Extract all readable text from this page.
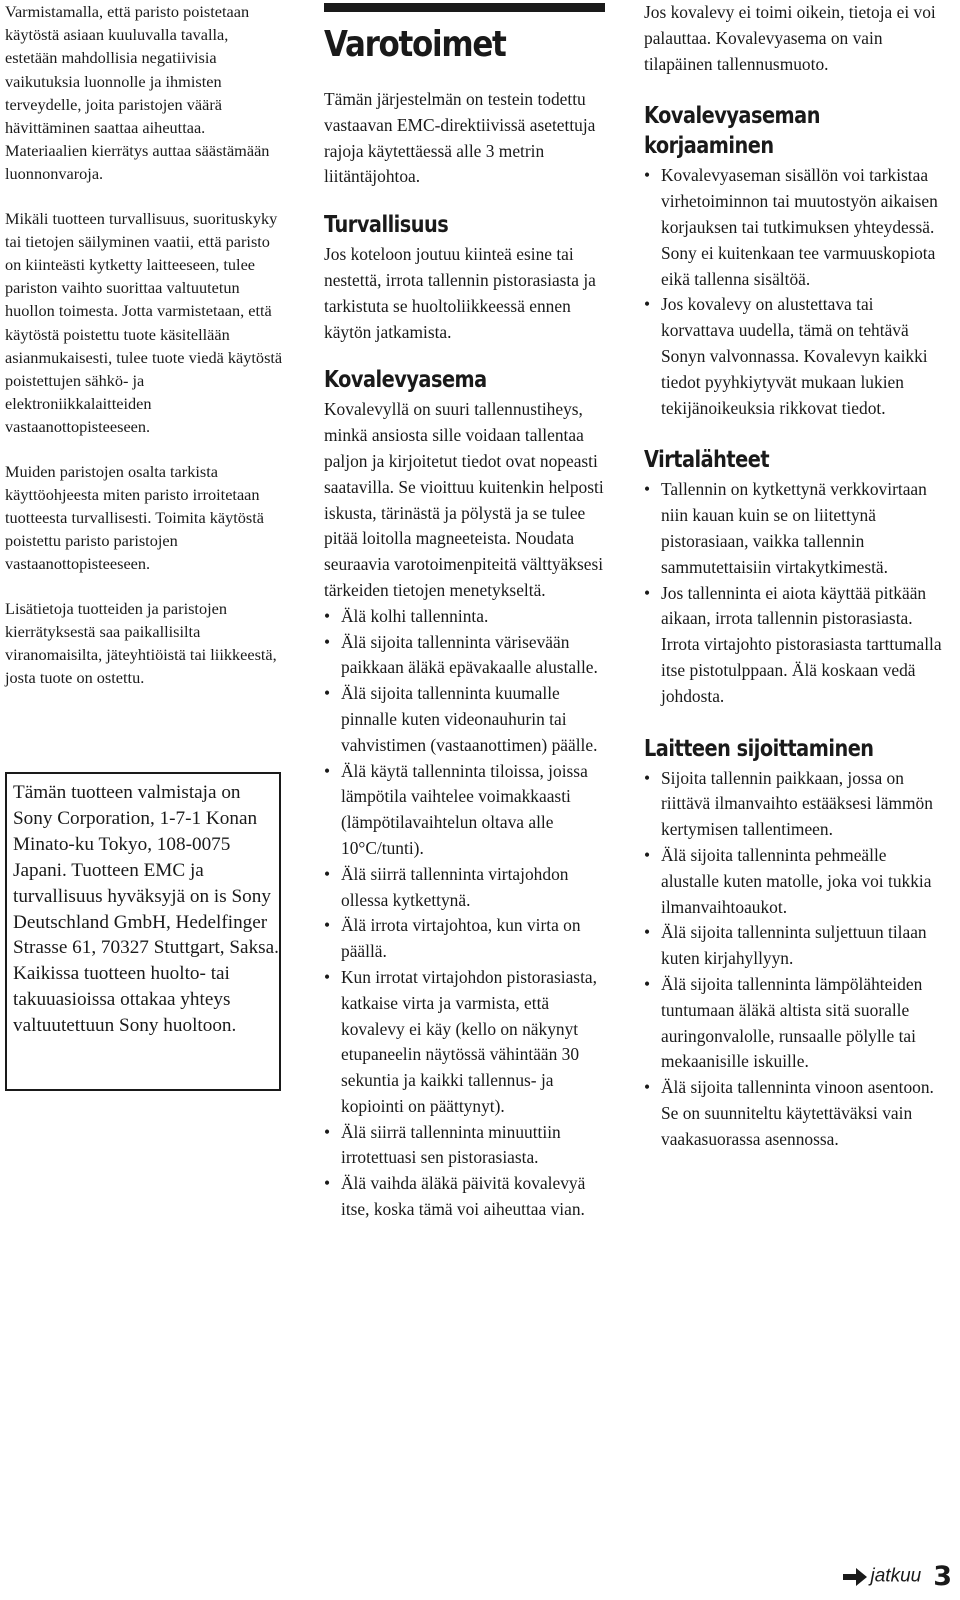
Varmistamalla, että paristo poistetaan käytöstä asiaan kuuluvalla tavalla, estetään mahdollisia negatiivisia vaikutuksia luonnolle ja ihmisten terveydelle, joita paristojen väärä hävittäminen saattaa aiheuttaa. Materiaalien kierrätys auttaa säästämään luonnonvaroja.

Mikäli tuotteen turvallisuus, suorituskyky tai tietojen säilyminen vaatii, että paristo on kiinteästi kytketty laitteeseen, tulee pariston vaihto suorittaa valtuutetun huollon toimesta. Jotta varmistetaan, että käytöstä poistettu tuote käsitellään asianmukaisesti, tulee tuote viedä käytöstä poistettujen sähkö- ja elektroniikkalaitteiden vastaanottopisteeseen.

Muiden paristojen osalta tarkista käyttöohjeesta miten paristo irroitetaan tuotteesta turvallisesti. Toimita käytöstä poistettu paristo paristojen vastaanottopisteeseen.

Lisätietoja tuotteiden ja paristojen kierrätyksestä saa paikallisilta viranomaisilta, jäteyhtiöistä tai liikkeestä, josta tuote on ostettu.

Tämän tuotteen valmistaja on Sony Corporation, 1-7-1 Konan Minato-ku Tokyo, 108-0075 Japani. Tuotteen EMC ja turvallisuus hyväksyjä on is Sony Deutschland GmbH, Hedelfinger Strasse 61, 70327 Stuttgart, Saksa. Kaikissa tuotteen huolto- tai takuuasioissa ottakaa yhteys valtuutettuun Sony huoltoon.

Varotoimet

Tämän järjestelmän on testein todettu vastaavan EMC-direktiivissä asetettuja rajoja käytettäessä alle 3 metrin liitäntäjohtoa.

Turvallisuus

Jos koteloon joutuu kiinteä esine tai nestettä, irrota tallennin pistorasiasta ja tarkistuta se huoltoliikkeessä ennen käytön jatkamista.

Kovalevyasema

Kovalevyllä on suuri tallennustiheys, minkä ansiosta sille voidaan tallentaa paljon ja kirjoitetut tiedot ovat nopeasti saatavilla. Se vioittuu kuitenkin helposti iskusta, tärinästä ja pölystä ja se tulee pitää loitolla magneeteista. Noudata seuraavia varotoimenpiteitä välttyäksesi tärkeiden tietojen menetykseltä.

• Älä kolhi tallenninta.
• Älä sijoita tallenninta värisevään paikkaan äläkä epävakaalle alustalle.
• Älä sijoita tallenninta kuumalle pinnalle kuten videonauhurin tai vahvistimen (vastaanottimen) päälle.
• Älä käytä tallenninta tiloissa, joissa lämpötila vaihtelee voimakkaasti (lämpötilavaihtelun oltava alle 10°C/tunti).
• Älä siirrä tallenninta virtajohdon ollessa kytkettynä.
• Älä irrota virtajohtoa, kun virta on päällä.
• Kun irrotat virtajohdon pistorasiasta, katkaise virta ja varmista, että kovalevy ei käy (kello on näkynyt etupaneelin näytössä vähintään 30 sekuntia ja kaikki tallennus- ja kopiointi on päättynyt).
• Älä siirrä tallenninta minuuttiin irrotettuasi sen pistorasiasta.
• Älä vaihda äläkä päivitä kovalevyä itse, koska tämä voi aiheuttaa vian.

Jos kovalevy ei toimi oikein, tietoja ei voi palauttaa. Kovalevyasema on vain tilapäinen tallennusmuoto.

Kovalevyaseman korjaaminen
• Kovalevyaseman sisällön voi tarkistaa virhetoiminnon tai muutostyön aikaisen korjauksen tai tutkimuksen yhteydessä. Sony ei kuitenkaan tee varmuuskopiota eikä tallenna sisältöä.
• Jos kovalevy on alustettava tai korvattava uudella, tämä on tehtävä Sonyn valvonnassa. Kovalevyn kaikki tiedot pyyhkiytyvät mukaan lukien tekijänoikeuksia rikkovat tiedot.
Virtalähteet
• Tallennin on kytkettynä verkkovirtaan niin kauan kuin se on liitettynä pistorasiaan, vaikka tallennin sammutettaisiin virtakytkimestä.
• Jos tallenninta ei aiota käyttää pitkään aikaan, irrota tallennin pistorasiasta. Irrota virtajohto pistorasiasta tarttumalla itse pistotulppaan. Älä koskaan vedä johdosta.
Laitteen sijoittaminen
• Sijoita tallennin paikkaan, jossa on riittävä ilmanvaihto estääksesi lämmön kertymisen tallentimeen.
• Älä sijoita tallenninta pehmeälle alustalle kuten matolle, joka voi tukkia ilmanvaihtoaukot.
• Älä sijoita tallenninta suljettuun tilaan kuten kirjahyllyyn.
• Älä sijoita tallenninta lämpölähteiden tuntumaan äläkä altista sitä suoralle auringonvalolle, runsaalle pölylle tai mekaanisille iskuille.
• Älä sijoita tallenninta vinoon asentoon. Se on suunniteltu käytettäväksi vain vaakasuorassa asennossa.
jatkuu 3
